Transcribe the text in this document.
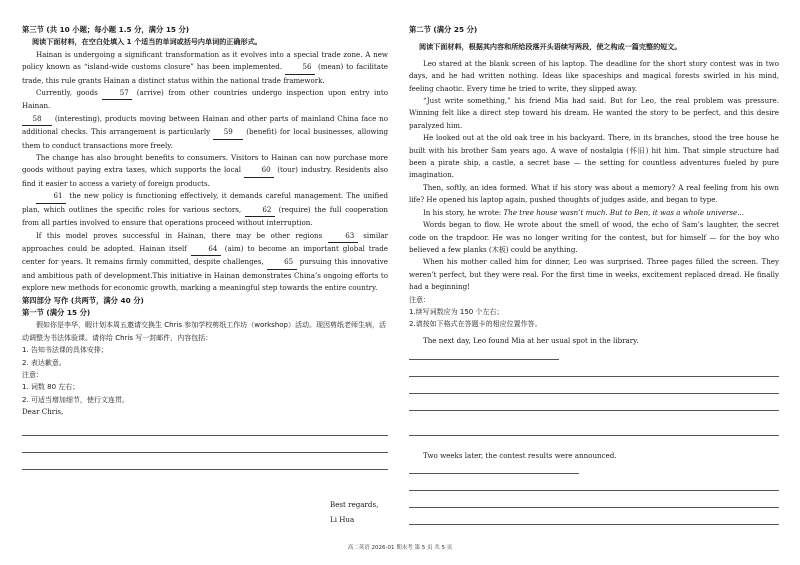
第三节 (共 10 小题；每小题 1.5 分，满分 15 分)

阅读下面材料，在空白处填入 1 个适当的单词或括号内单词的正确形式。

Hainan is undergoing a significant transformation as it evolves into a special trade zone. A new policy known as “island-wide customs closure” has been implemented.	56 (mean) to facilitate trade, this rule grants Hainan a distinct status within the national trade framework.

Currently, goods	57 (arrive) from other countries undergo inspection upon entry into Hainan.

58 (interesting), products moving between Hainan and other parts of mainland China face no additional checks. This arrangement is particularly 59 (benefit) for local businesses, allowing them to conduct transactions more freely.

The change has also brought benefits to consumers. Visitors to Hainan can now purchase more goods without paying extra taxes, which supports the local	60 (tour) industry. Residents also find it easier to access a variety of foreign products.

61 the new policy is functioning effectively, it demands careful management. The unified plan, which outlines the specific roles for various sectors,	62 (require) the full cooperation from all parties involved to ensure that operations proceed without interruption.

If this model proves successful in Hainan, there may be other regions	63 similar approaches could be adopted. Hainan itself	64 (aim) to become an important global trade center for years. It remains firmly committed, despite challenges,	65 pursuing this innovative and ambitious path of development.This initiative in Hainan demonstrates China’s ongoing efforts to explore new methods for economic growth, marking a meaningful step towards the entire country.

第四部分 写作 (共两节，满分 40 分)

第一节 (满分 15 分)

假如你是李华，暇计划本周五邀请交换生 Chris 参加学校剪纸工作坊（workshop）活动。现因剪纸老师生病，活动调整为书法体验课。请你给 Chris 写一封邮件，内容包括：

1. 告知书法课的具体安排；

2. 表达歉意。

注意：

1. 词数 80 左右；

2. 可适当增加细节，使行文连贯。

Dear Chris,

Best regards,
Li Hua

第二节 (满分 25 分)

阅读下面材料，根据其内容和所给段落开头语续写两段，使之构成一篇完整的短文。

Leo stared at the blank screen of his laptop. The deadline for the short story contest was in two days, and he had written nothing. Ideas like spaceships and magical forests swirled in his mind, feeling chaotic. Every time he tried to write, they slipped away.

“Just write something,” his friend Mia had said. But for Leo, the real problem was pressure. Winning felt like a direct step toward his dream. He wanted the story to be perfect, and this desire paralyzed him.

He looked out at the old oak tree in his backyard. There, in its branches, stood the tree house he built with his brother Sam years ago. A wave of nostalgia (怀旧) hit him. That simple structure had been a pirate ship, a castle, a secret base — the setting for countless adventures fueled by pure imagination.

Then, softly, an idea formed. What if his story was about a memory? A real feeling from his own life? He opened his laptop again, pushed thoughts of judges aside, and began to type.

In his story, he wrote: The tree house wasn’t much. But to Ben, it was a whole universe...

Words began to flow. He wrote about the smell of wood, the echo of Sam’s laughter, the secret code on the trapdoor. He was no longer writing for the contest, but for himself — for the boy who believed a few planks (木板) could be anything.

When his mother called him for dinner, Leo was surprised. Three pages filled the screen. They weren’t perfect, but they were real. For the first time in weeks, excitement replaced dread. He finally had a beginning!

注意：

1.续写词数应为 150 个左右；

2.请按如下格式在答题卡的相应位置作答。

The next day, Leo found Mia at her usual spot in the library.

Two weeks later, the contest results were announced.

高二英语 2026-01 期末考 第 5 页 共 5 页
